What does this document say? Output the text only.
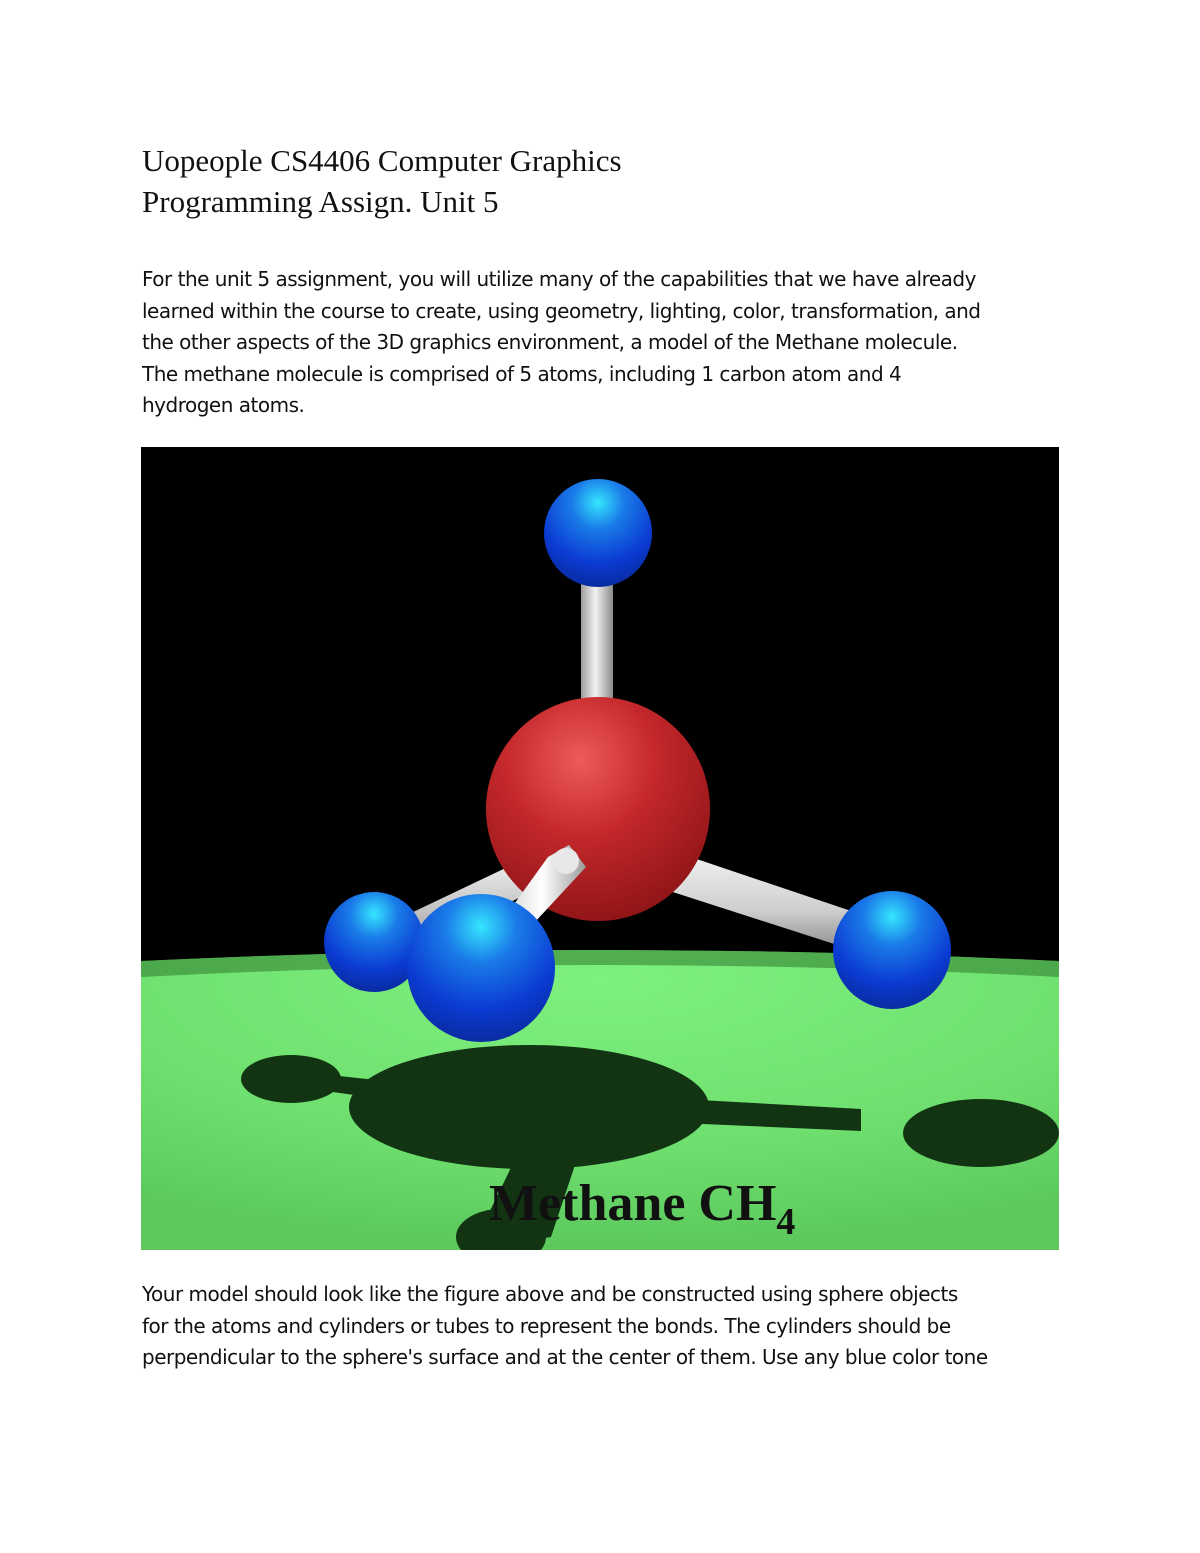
Uopeople CS4406 Computer Graphics
Programming Assign. Unit 5

For the unit 5 assignment, you will utilize many of the capabilities that we have already
learned within the course to create, using geometry, lighting, color, transformation, and
the other aspects of the 3D graphics environment, a model of the Methane molecule.
The methane molecule is comprised of 5 atoms, including 1 carbon atom and 4
hydrogen atoms.

Methane $CH_4$

Your model should look like the figure above and be constructed using sphere objects
for the atoms and cylinders or tubes to represent the bonds. The cylinders should be
perpendicular to the sphere's surface and at the center of them. Use any blue color tone
